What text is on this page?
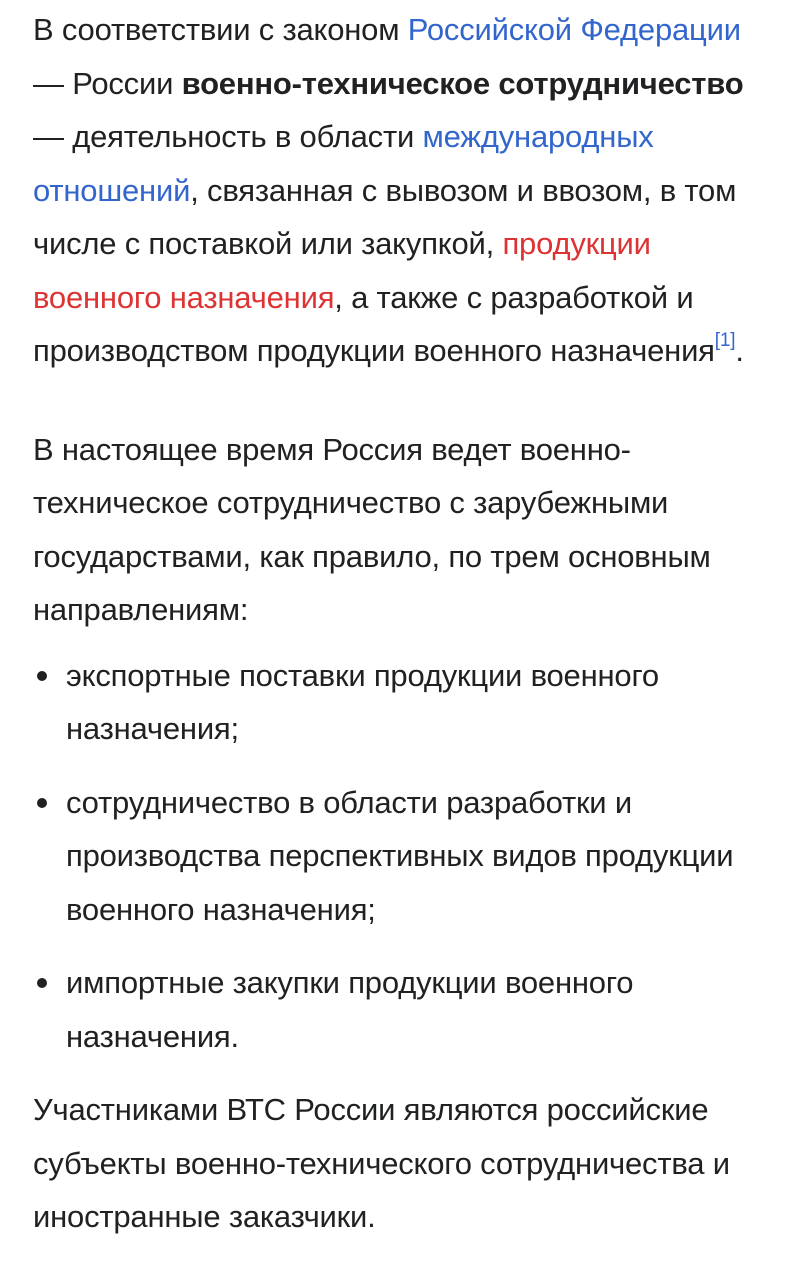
В соответствии с законом Российской Федерации — России военно-техническое сотрудничество — деятельность в области международных отношений, связанная с вывозом и ввозом, в том числе с поставкой или закупкой, продукции военного назначения, а также с разработкой и производством продукции военного назначения[1].

В настоящее время Россия ведет военно-техническое сотрудничество с зарубежными государствами, как правило, по трем основным направлениям:

экспортные поставки продукции военного назначения;
сотрудничество в области разработки и производства перспективных видов продукции военного назначения;
импортные закупки продукции военного назначения.

Участниками ВТС России являются российские субъекты военно-технического сотрудничества и иностранные заказчики.
